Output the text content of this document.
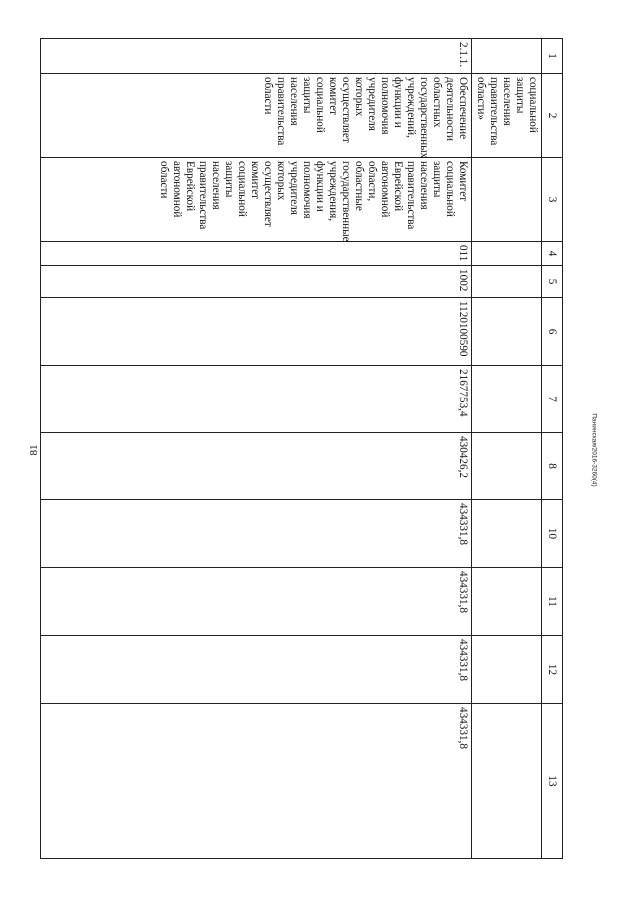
81	Панинская/2016-3260(4)
1	2	3	4	5	6	7	8	10	11	12	13
	социальной защиты населения правительства области»										
2.1.1.	Обеспечение деятельности областных государственных учреждений, функции и полномочия учредителя которых осуществляет комитет социальной защиты населения правительства области	Комитет социальной защиты населения правительства Еврейской автономной области, областные государственные учреждения, функции и полномочия учредителя которых осуществляет комитет социальной защиты населения правительства Еврейской автономной области	011	1002	1120100590	2167753,4	430426,2	434331,8	434331,8	434331,8	434331,8
